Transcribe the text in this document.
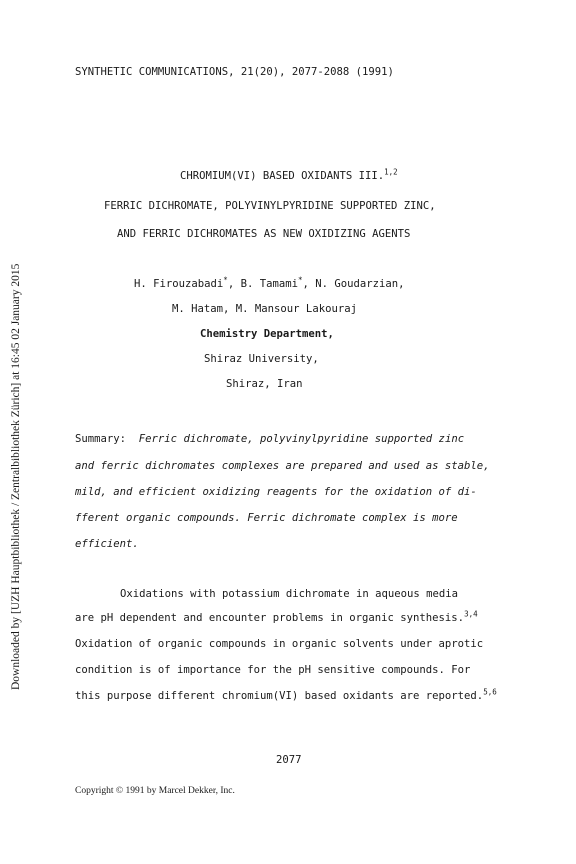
Downloaded by [UZH Hauptbibliothek / Zentralbibliothek Zürich] at 16:45 02 January 2015
SYNTHETIC COMMUNICATIONS, 21(20), 2077-2088 (1991)
CHROMIUM(VI) BASED OXIDANTS III.$^{1,2}$
FERRIC DICHROMATE, POLYVINYLPYRIDINE SUPPORTED ZINC,
AND FERRIC DICHROMATES AS NEW OXIDIZING AGENTS
H. Firouzabadi*, B. Tamami*, N. Goudarzian,
M. Hatam, M. Mansour Lakouraj
Chemistry Department,
Shiraz University,
Shiraz, Iran
Summary: Ferric dichromate, polyvinylpyridine supported zinc
and ferric dichromates complexes are prepared and used as stable,
mild, and efficient oxidizing reagents for the oxidation of di-
fferent organic compounds. Ferric dichromate complex is more
efficient.
Oxidations with potassium dichromate in aqueous media
are pH dependent and encounter problems in organic synthesis.$^{3,4}$
Oxidation of organic compounds in organic solvents under aprotic
condition is of importance for the pH sensitive compounds. For
this purpose different chromium(VI) based oxidants are reported.$^{5,6}$
2077
Copyright © 1991 by Marcel Dekker, Inc.
